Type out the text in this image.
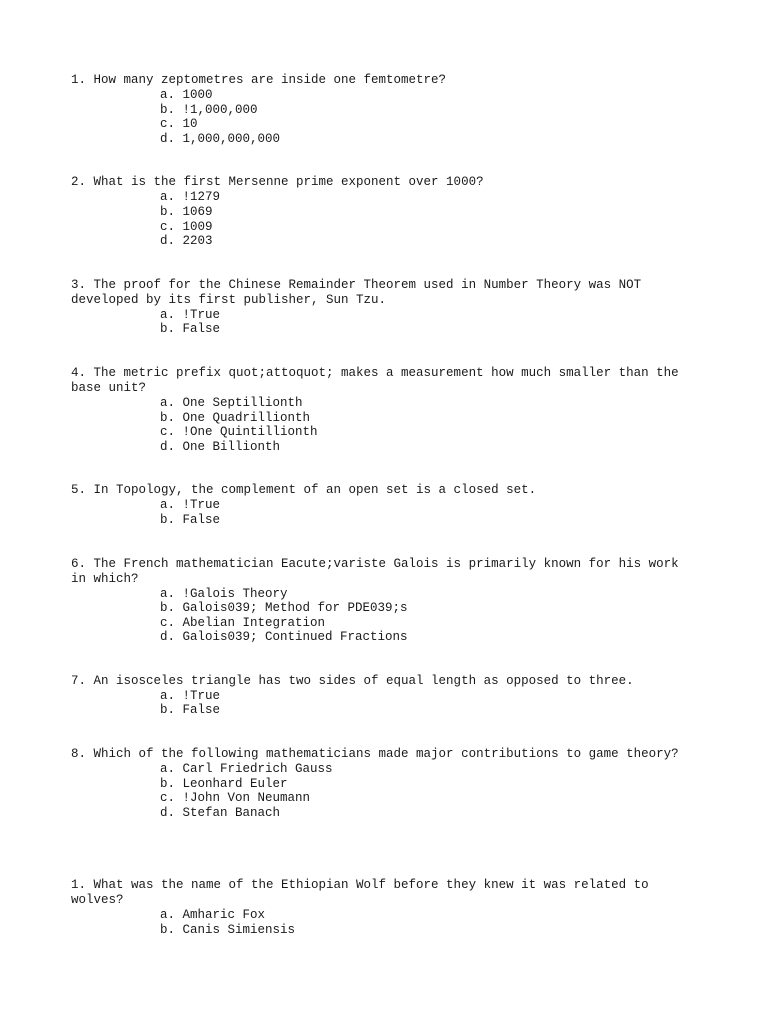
1. How many zeptometres are inside one femtometre?

a. 1000
b. !1,000,000
c. 10
d. 1,000,000,000

2. What is the first Mersenne prime exponent over 1000?

a. !1279
b. 1069
c. 1009
d. 2203

3. The proof for the Chinese Remainder Theorem used in Number Theory was NOT
developed by its first publisher, Sun Tzu.

a. !True
b. False

4. The metric prefix quot;attoquot; makes a measurement how much smaller than the
base unit?

a. One Septillionth
b. One Quadrillionth
c. !One Quintillionth
d. One Billionth

5. In Topology, the complement of an open set is a closed set.

a. !True
b. False

6. The French mathematician Eacute;variste Galois is primarily known for his work
in which?

a. !Galois Theory
b. Galois039; Method for PDE039;s
c. Abelian Integration
d. Galois039; Continued Fractions

7. An isosceles triangle has two sides of equal length as opposed to three.

a. !True
b. False

8. Which of the following mathematicians made major contributions to game theory?

a. Carl Friedrich Gauss
b. Leonhard Euler
c. !John Von Neumann
d. Stefan Banach

1. What was the name of the Ethiopian Wolf before they knew it was related to
wolves?

a. Amharic Fox
b. Canis Simiensis
